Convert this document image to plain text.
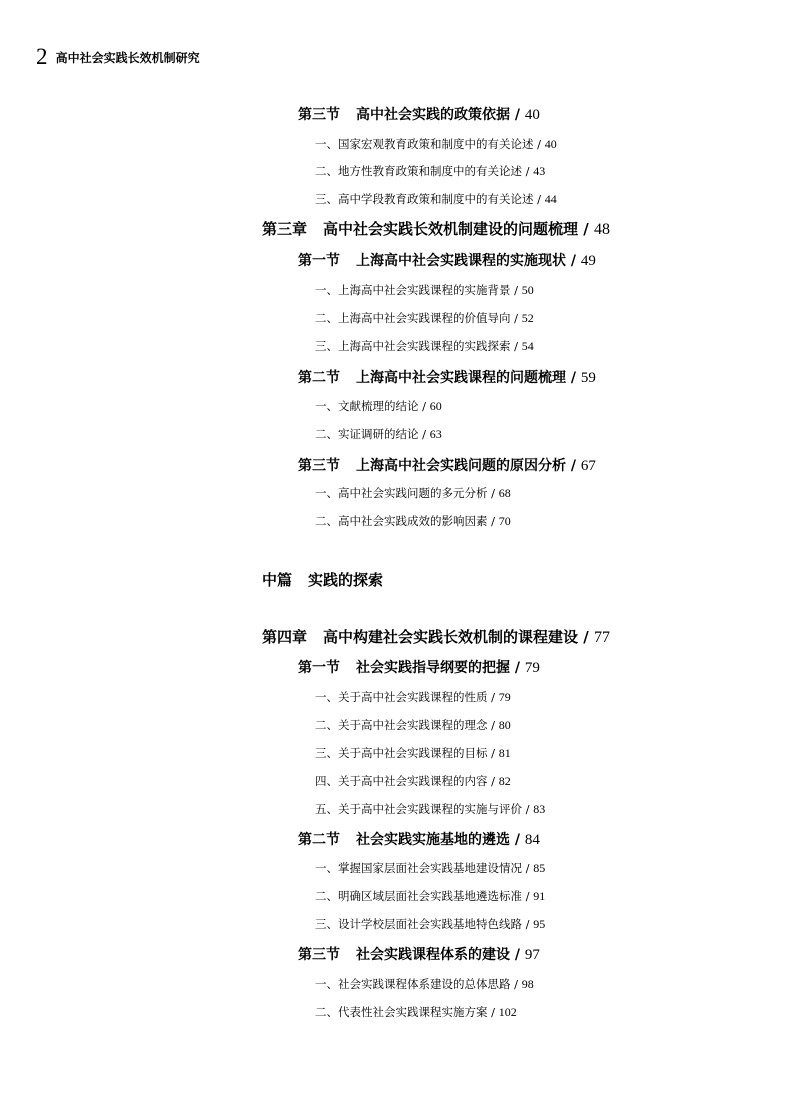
2 高中社会实践长效机制研究
第三节 高中社会实践的政策依据 / 40
一、国家宏观教育政策和制度中的有关论述 / 40
二、地方性教育政策和制度中的有关论述 / 43
三、高中学段教育政策和制度中的有关论述 / 44
第三章 高中社会实践长效机制建设的问题梳理 / 48
第一节 上海高中社会实践课程的实施现状 / 49
一、上海高中社会实践课程的实施背景 / 50
二、上海高中社会实践课程的价值导向 / 52
三、上海高中社会实践课程的实践探索 / 54
第二节 上海高中社会实践课程的问题梳理 / 59
一、文献梳理的结论 / 60
二、实证调研的结论 / 63
第三节 上海高中社会实践问题的原因分析 / 67
一、高中社会实践问题的多元分析 / 68
二、高中社会实践成效的影响因素 / 70
中篇 实践的探索
第四章 高中构建社会实践长效机制的课程建设 / 77
第一节 社会实践指导纲要的把握 / 79
一、关于高中社会实践课程的性质 / 79
二、关于高中社会实践课程的理念 / 80
三、关于高中社会实践课程的目标 / 81
四、关于高中社会实践课程的内容 / 82
五、关于高中社会实践课程的实施与评价 / 83
第二节 社会实践实施基地的遴选 / 84
一、掌握国家层面社会实践基地建设情况 / 85
二、明确区域层面社会实践基地遴选标准 / 91
三、设计学校层面社会实践基地特色线路 / 95
第三节 社会实践课程体系的建设 / 97
一、社会实践课程体系建设的总体思路 / 98
二、代表性社会实践课程实施方案 / 102
